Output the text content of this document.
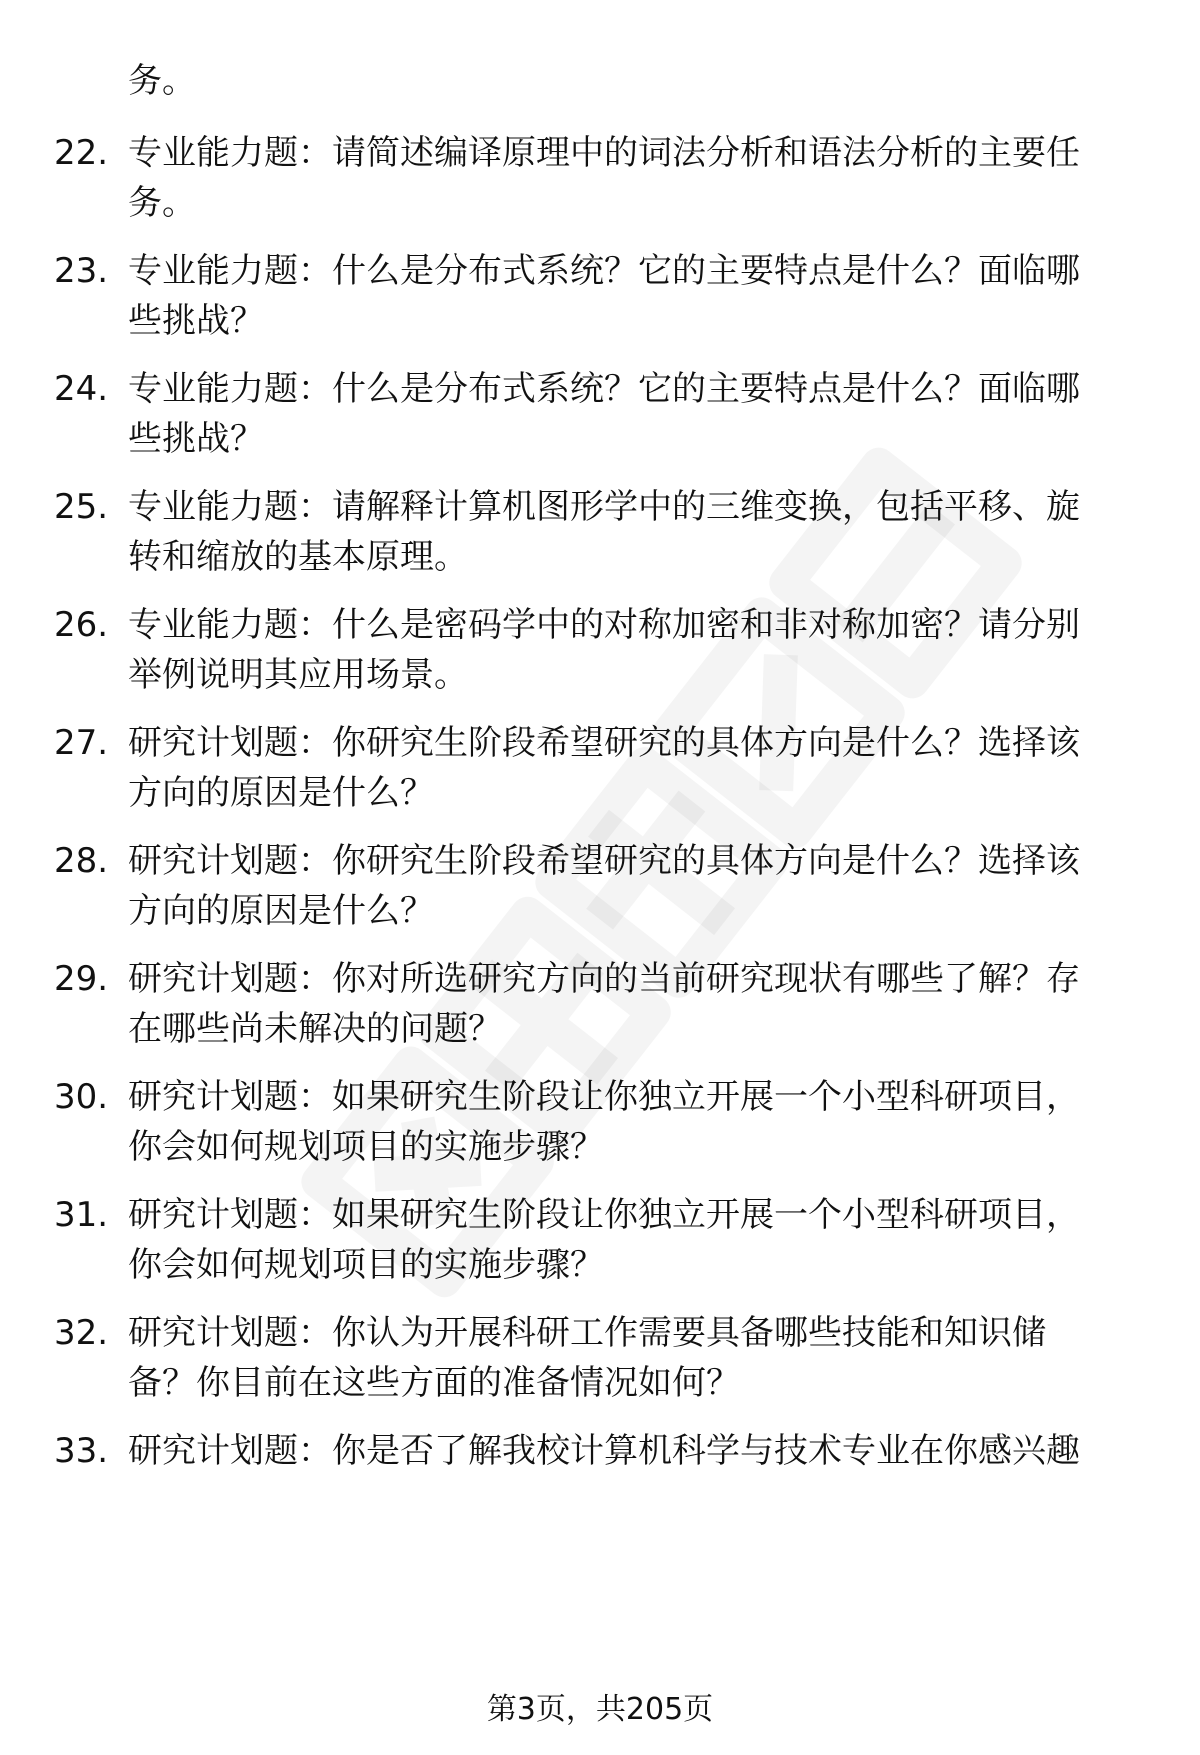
务。
22. 专业能力题：请简述编译原理中的词法分析和语法分析的主要任
务。
23. 专业能力题：什么是分布式系统？它的主要特点是什么？面临哪
些挑战？
24. 专业能力题：什么是分布式系统？它的主要特点是什么？面临哪
些挑战？
25. 专业能力题：请解释计算机图形学中的三维变换，包括平移、旋
转和缩放的基本原理。
26. 专业能力题：什么是密码学中的对称加密和非对称加密？请分别
举例说明其应用场景。
27. 研究计划题：你研究生阶段希望研究的具体方向是什么？选择该
方向的原因是什么？
28. 研究计划题：你研究生阶段希望研究的具体方向是什么？选择该
方向的原因是什么？
29. 研究计划题：你对所选研究方向的当前研究现状有哪些了解？存
在哪些尚未解决的问题？
30. 研究计划题：如果研究生阶段让你独立开展一个小型科研项目，
你会如何规划项目的实施步骤？
31. 研究计划题：如果研究生阶段让你独立开展一个小型科研项目，
你会如何规划项目的实施步骤？
32. 研究计划题：你认为开展科研工作需要具备哪些技能和知识储
备？你目前在这些方面的准备情况如何？
33. 研究计划题：你是否了解我校计算机科学与技术专业在你感兴趣
第3页，共205页
